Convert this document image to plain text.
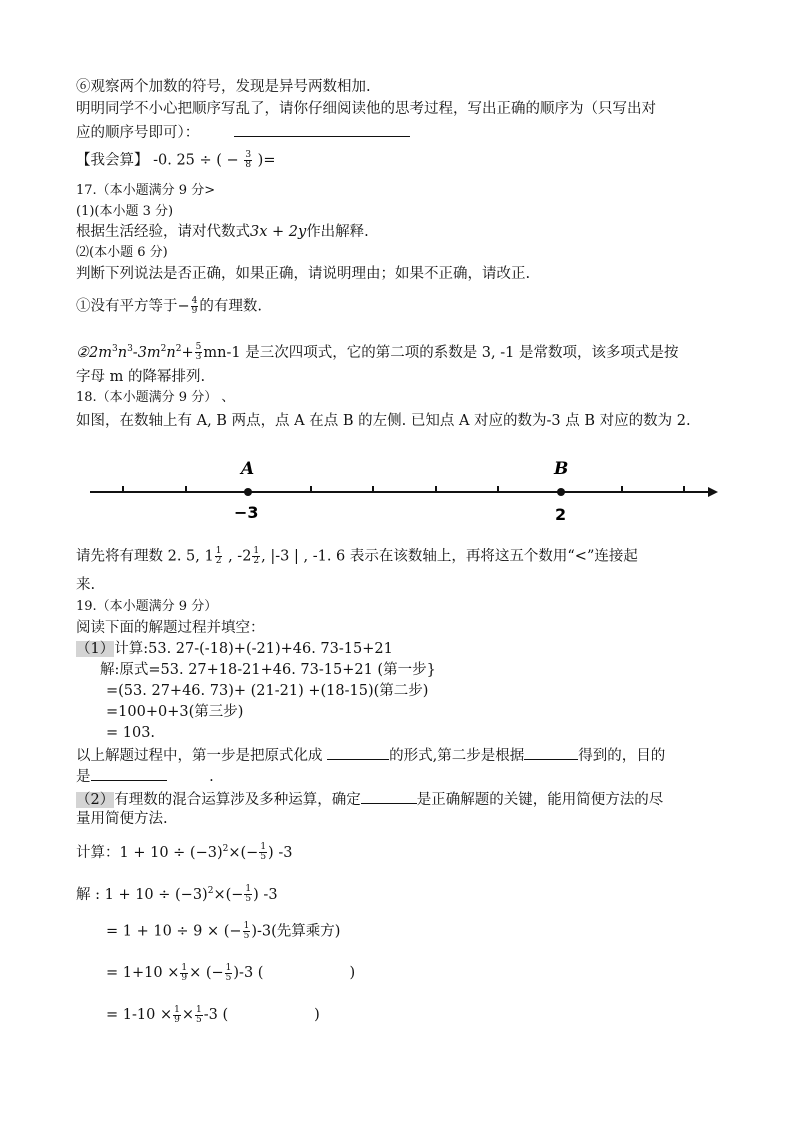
⑥观察两个加数的符号，发现是异号两数相加.
明明同学不小心把顺序写乱了，请你仔细阅读他的思考过程，写出正确的顺序为（只写出对
应的顺序号即可）：
【我会算】 -0. 25 ÷ ( − $\frac{3}{8}$ )=
17.（本小题满分 9 分>
(1)(本小题 3 分)
根据生活经验，请对代数式3x + 2y作出解释.
⑵(本小题 6 分)
判断下列说法是否正确，如果正确，请说明理由；如果不正确，请改正.
①没有平方等于− $\frac{4}{9}$ 的有理数.
$②2m^3n^3-3m^2n^2+ \frac{5}{3} mn-1$ 是三次四项式，它的第二项的系数是 3, -1 是常数项，该多项式是按
字母 m 的降幂排列.
18.（本小题满分 9 分） 、
如图，在数轴上有 A, B 两点，点 A 在点 B 的左侧. 已知点 A 对应的数为-3 点 B 对应的数为 2.
A	B
−3	2
请先将有理数 2. 5, $1 \frac{1}{2}$ , $-2 \frac{1}{2}$ , |-3 | , -1. 6 表示在该数轴上，再将这五个数用“<”连接起
来.
19.（本小题满分 9 分）
阅读下面的解题过程并填空：
（1）计算:53. 27-(-18)+(-21)+46. 73-15+21
解:原式=53. 27+18-21+46. 73-15+21 (第一步}
=(53. 27+46. 73)+ (21-21) +(18-15)(第二步)
=100+0+3(第三步)
= 103.
以上解题过程中，第一步是把原式化成	的形式,第二步是根据	得到的，目的
是	.
（2）有理数的混合运算涉及多种运算，确定	是正确解题的关键，能用简便方法的尽
量用简便方法.
计算：$1 + 10 \div (-3)^2\times(- \frac{1}{5}$ ) -3
解 : $1 + 10 \div (-3)^2\times(- \frac{1}{5}$ ) -3
= 1 + 10 ÷ 9 × (− $\frac{1}{5} )-3$(先算乘方)
= $1+10 \times \frac{1}{9}$ × (− $\frac{1}{5} )-3$ (	)
= $1-10 \times \frac{1}{9} \times \frac{1}{5} -3$ (	)
